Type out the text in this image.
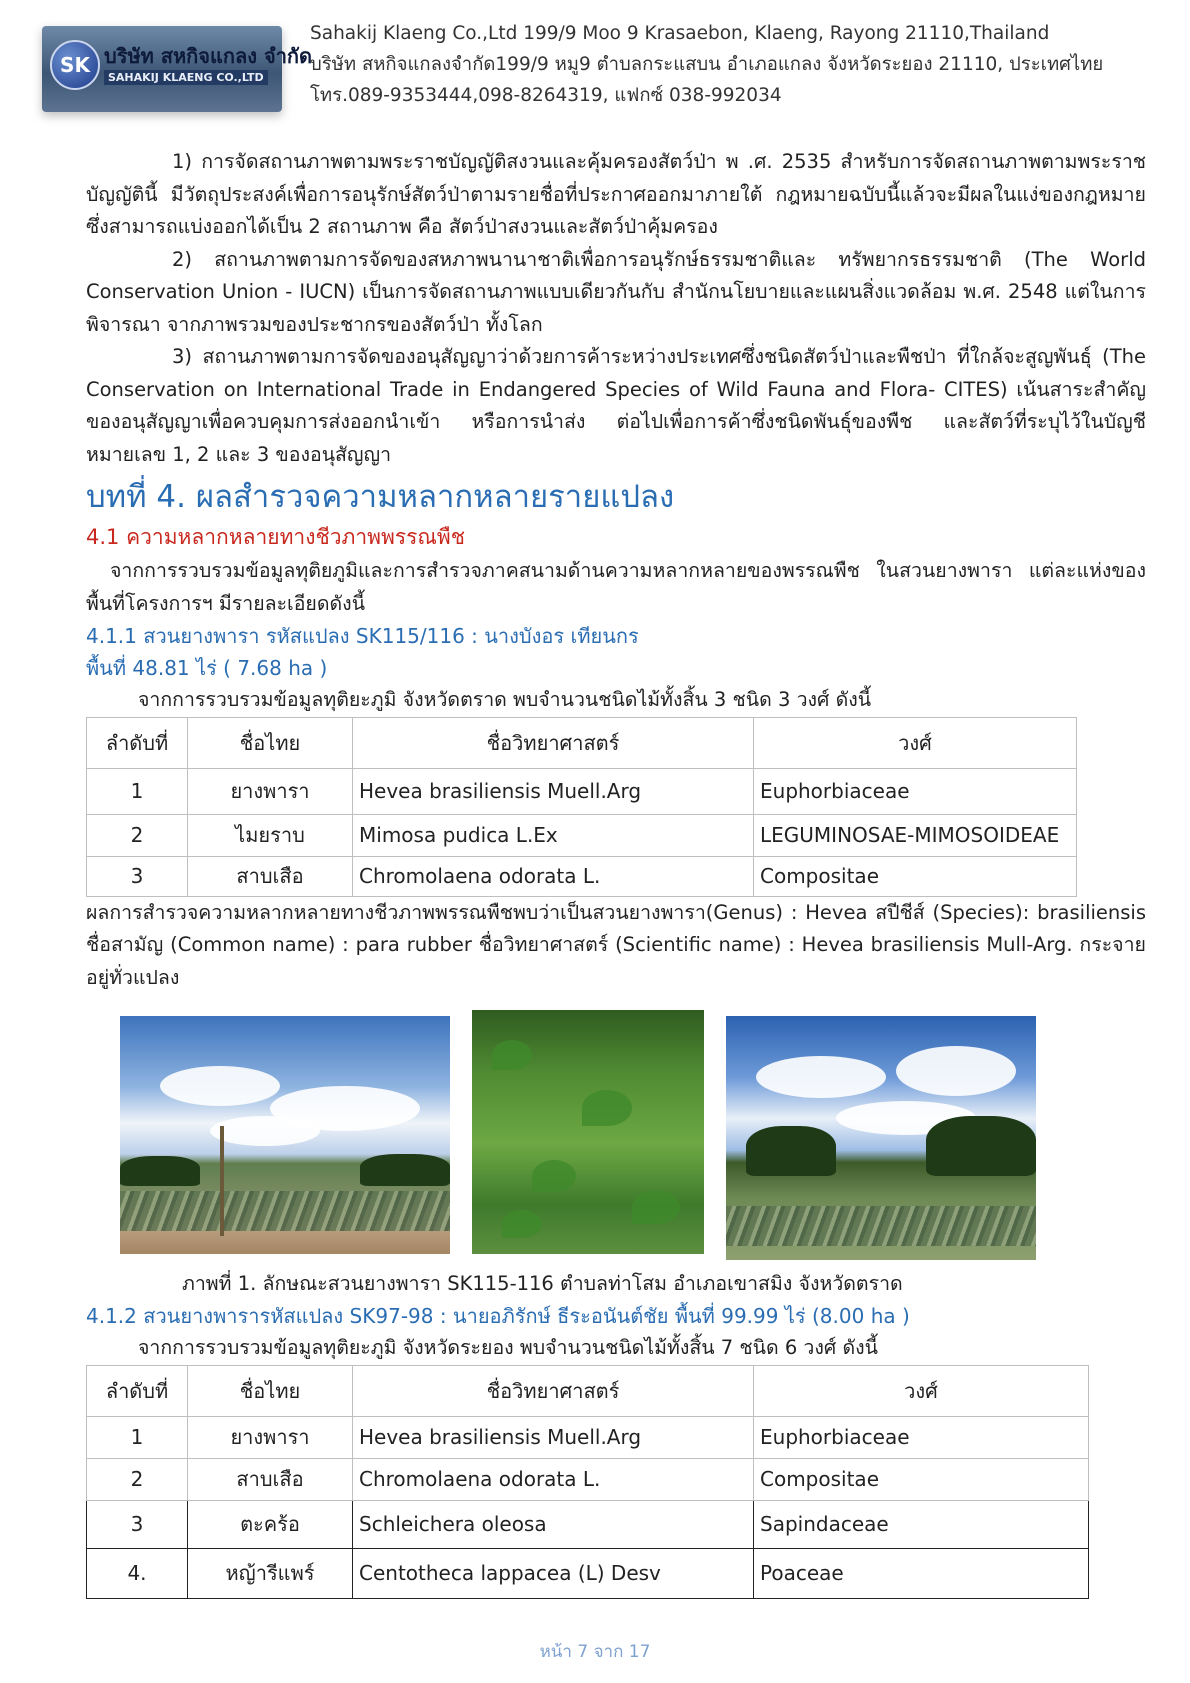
SK บริษัท สหกิจแกลง จำกัด
SAHAKIJ KLAENG CO.,LTD
Sahakij Klaeng Co.,Ltd 199/9 Moo 9 Krasaebon, Klaeng, Rayong 21110,Thailand
บริษัท สหกิจแกลงจำกัด199/9 หมู9 ตำบลกระแสบน อำเภอแกลง จังหวัดระยอง 21110, ประเทศไทย
โทร.089-9353444,098-8264319, แฟกซ์ 038-992034

1) การจัดสถานภาพตามพระราชบัญญัติสงวนและคุ้มครองสัตว์ป่า พ .ศ. 2535 สำหรับการจัดสถานภาพตามพระราชบัญญัตินี้ มีวัตถุประสงค์เพื่อการอนุรักษ์สัตว์ป่าตามรายชื่อที่ประกาศออกมาภายใต้ กฎหมายฉบับนี้แล้วจะมีผลในแง่ของกฎหมาย ซึ่งสามารถแบ่งออกได้เป็น 2 สถานภาพ คือ สัตว์ป่าสงวนและสัตว์ป่าคุ้มครอง

2) สถานภาพตามการจัดของสหภาพนานาชาติเพื่อการอนุรักษ์ธรรมชาติและ ทรัพยากรธรรมชาติ (The World Conservation Union - IUCN) เป็นการจัดสถานภาพแบบเดียวกันกับ สำนักนโยบายและแผนสิ่งแวดล้อม พ.ศ. 2548 แต่ในการพิจารณา จากภาพรวมของประชากรของสัตว์ป่า ทั้งโลก

3) สถานภาพตามการจัดของอนุสัญญาว่าด้วยการค้าระหว่างประเทศซึ่งชนิดสัตว์ป่าและพืชป่า ที่ใกล้จะสูญพันธุ์ (The Conservation on International Trade in Endangered Species of Wild Fauna and Flora- CITES) เน้นสาระสำคัญของอนุสัญญาเพื่อควบคุมการส่งออกนำเข้า หรือการนำส่ง ต่อไปเพื่อการค้าซึ่งชนิดพันธุ์ของพืช และสัตว์ที่ระบุไว้ในบัญชีหมายเลข 1, 2 และ 3 ของอนุสัญญา

บทที่ 4. ผลสำรวจความหลากหลายรายแปลง
4.1 ความหลากหลายทางชีวภาพพรรณพืช

จากการรวบรวมข้อมูลทุติยภูมิและการสำรวจภาคสนามด้านความหลากหลายของพรรณพืช ในสวนยางพารา แต่ละแห่งของพื้นที่โครงการฯ มีรายละเอียดดังนี้

4.1.1 สวนยางพารา รหัสแปลง SK115/116 : นางบังอร เทียนกร
พื้นที่ 48.81 ไร่ ( 7.68 ha )

จากการรวบรวมข้อมูลทุติยะภูมิ จังหวัดตราด พบจำนวนชนิดไม้ทั้งสิ้น 3 ชนิด 3 วงศ์ ดังนี้

ลำดับที่	ชื่อไทย	ชื่อวิทยาศาสตร์	วงศ์
1	ยางพารา	Hevea brasiliensis Muell.Arg	Euphorbiaceae
2	ไมยราบ	Mimosa pudica L.Ex	LEGUMINOSAE-MIMOSOIDEAE
3	สาบเสือ	Chromolaena odorata L.	Compositae

ผลการสำรวจความหลากหลายทางชีวภาพพรรณพืชพบว่าเป็นสวนยางพารา(Genus) : Hevea สปีชีส์ (Species): brasiliensis ชื่อสามัญ (Common name) : para rubber ชื่อวิทยาศาสตร์ (Scientific name) : Hevea brasiliensis Mull-Arg. กระจายอยู่ทั่วแปลง

ภาพที่ 1. ลักษณะสวนยางพารา SK115-116 ตำบลท่าโสม อำเภอเขาสมิง จังหวัดตราด

4.1.2 สวนยางพารารหัสแปลง SK97-98 : นายอภิรักษ์ ธีระอนันต์ชัย พื้นที่ 99.99 ไร่ (8.00 ha )

จากการรวบรวมข้อมูลทุติยะภูมิ จังหวัดระยอง พบจำนวนชนิดไม้ทั้งสิ้น 7 ชนิด 6 วงศ์ ดังนี้

ลำดับที่	ชื่อไทย	ชื่อวิทยาศาสตร์	วงศ์
1	ยางพารา	Hevea brasiliensis Muell.Arg	Euphorbiaceae
2	สาบเสือ	Chromolaena odorata L.	Compositae
3	ตะคร้อ	Schleichera oleosa	Sapindaceae
4.	หญ้ารีแพร์	Centotheca lappacea (L) Desv	Poaceae
หน้า 7 จาก 17
